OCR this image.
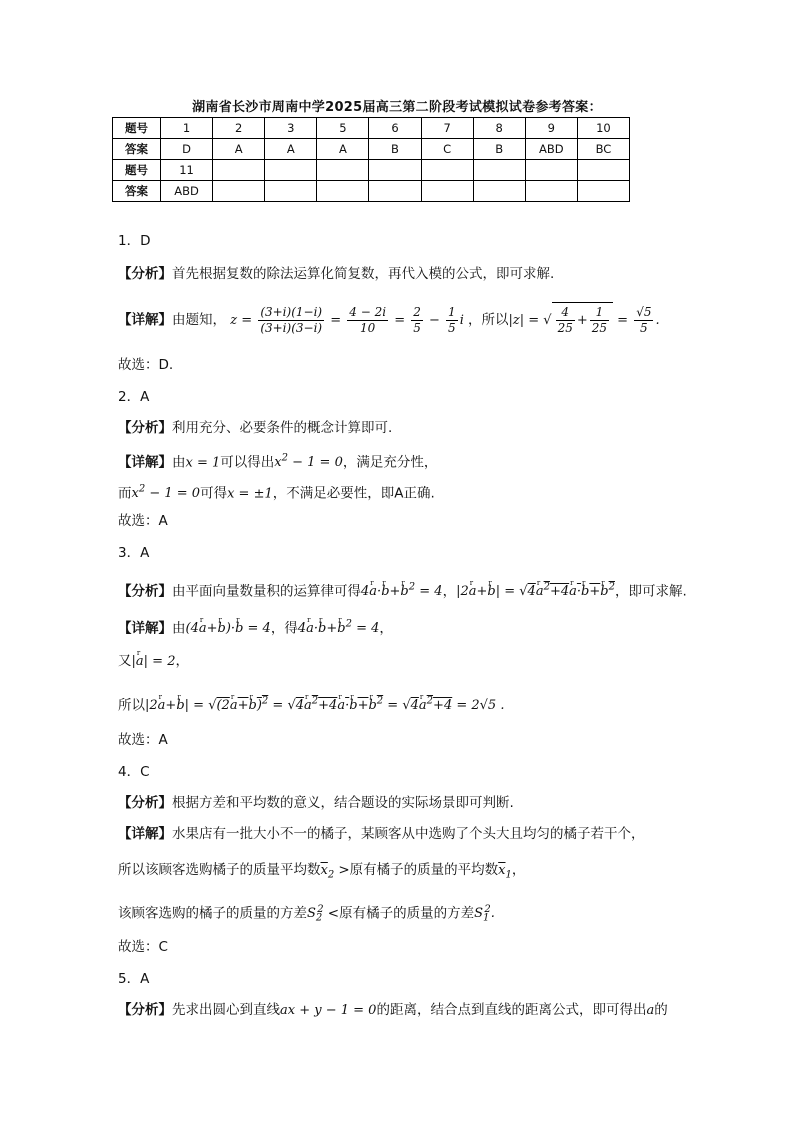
湖南省长沙市周南中学2025届高三第二阶段考试模拟试卷参考答案：
题号	1	2	3	5	6	7	8	9	10
答案	D	A	A	A	B	C	B	ABD	BC
题号	11								
答案	ABD								
1．D
【分析】首先根据复数的除法运算化简复数，再代入模的公式，即可求解.
【详解】由题知， $z = \frac{(3+i)(1-i)}{(3+i)(3-i)} = \frac{4 - 2i}{10} = \frac{2}{5} - \frac{1}{5}$ i ，所以|z| = √ $\frac{4}{25} + \frac{1}{25} = \frac{√5}{5}$ .
故选：D.
2．A
【分析】利用充分、必要条件的概念计算即可.
【详解】由x = 1可以得出$x^2 - 1 = 0$，满足充分性，
而$x^2 - 1 = 0$可得x = ±1，不满足必要性，即A正确.
故选：A
3．A
【分析】由平面向量数量积的运算律可得4r a·r b+r $b^2 = 4$，|2r a+r b| = √4r $a^2+4r$ a·r b+r $b^2$，即可求解.
【详解】由(4r a+r b)·r b = 4，得4r a·r b+r $b^2 = 4$，
又|r a| = 2，
所以|2r a+r b| = √(2r a+r b)$^2$ = √4r $a^2+4r$ a·r b+r $b^2 = √4r$ $a^2+4 = 2√5$ .
故选：A
4．C
【分析】根据方差和平均数的意义，结合题设的实际场景即可判断.
【详解】水果店有一批大小不一的橘子，某顾客从中选购了个头大且均匀的橘子若干个，
所以该顾客选购橘子的质量平均数$\overline{x}_2$ >原有橘子的质量的平均数$\overline{x}_1$，
该顾客选购的橘子的质量的方差$S_2^2$ <原有橘子的质量的方差$S_1^2$.
故选：C
5．A
【分析】先求出圆心到直线ax + y − 1 = 0的距离，结合点到直线的距离公式，即可得出a的
